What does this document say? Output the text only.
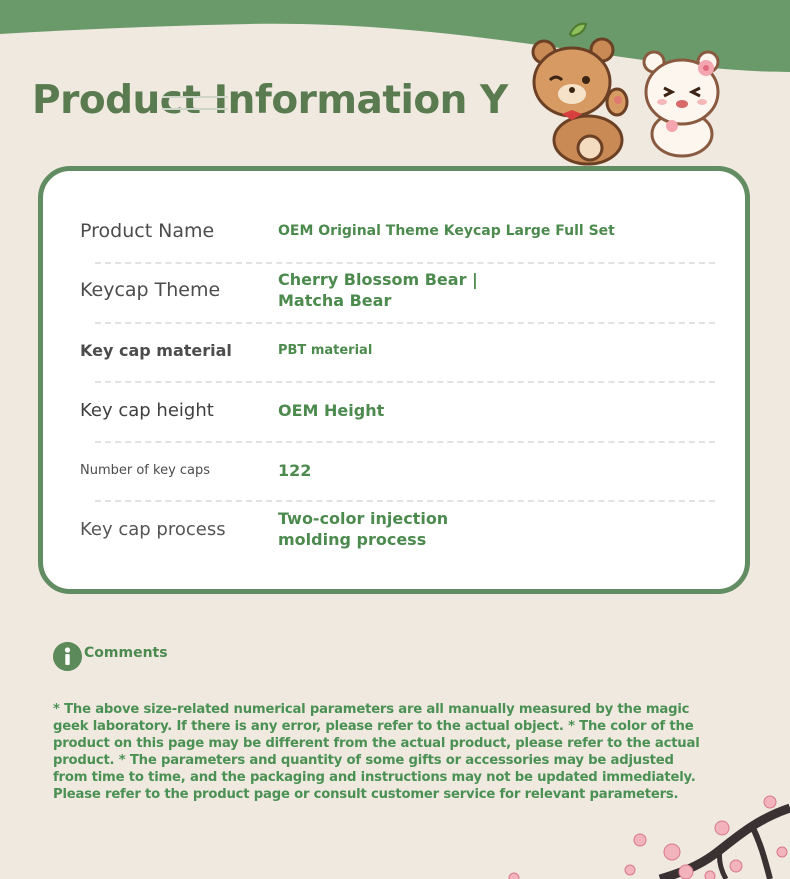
Product Information Y
Product Name	OEM Original Theme Keycap Large Full Set
Keycap Theme	Cherry Blossom Bear |
Matcha Bear
Key cap material	PBT material
Key cap height	OEM Height
Number of key caps	122
Key cap process	Two-color injection
molding process
Comments

* The above size-related numerical parameters are all manually measured by the magic geek laboratory. If there is any error, please refer to the actual object. * The color of the product on this page may be different from the actual product, please refer to the actual product. * The parameters and quantity of some gifts or accessories may be adjusted from time to time, and the packaging and instructions may not be updated immediately. Please refer to the product page or consult customer service for relevant parameters.
